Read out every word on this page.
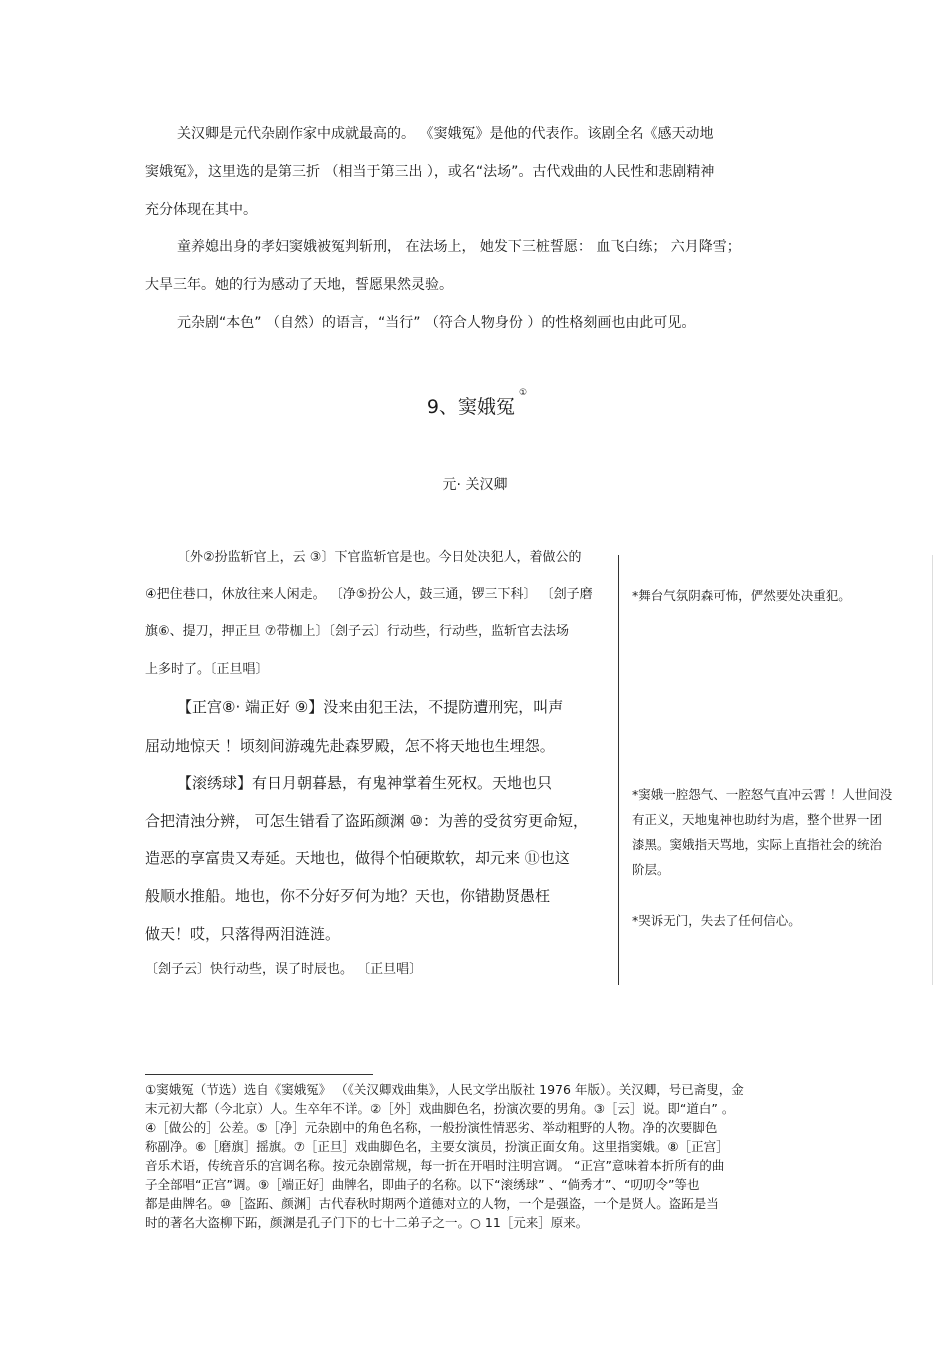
关汉卿是元代杂剧作家中成就最高的。 《窦娥冤》是他的代表作。该剧全名《感天动地
窦娥冤》，这里选的是第三折 （相当于第三出 ），或名“法场”。古代戏曲的人民性和悲剧精神
充分体现在其中。
童养媳出身的孝妇窦娥被冤判斩刑， 在法场上， 她发下三桩誓愿： 血飞白练； 六月降雪；
大旱三年。她的行为感动了天地，誓愿果然灵验。
元杂剧“本色” （自然）的语言，“当行” （符合人物身份 ）的性格刻画也由此可见。
9、窦娥冤①
元· 关汉卿
〔外②扮监斩官上，云 ③〕下官监斩官是也。今日处决犯人，着做公的
④把住巷口，休放往来人闲走。 〔净⑤扮公人，鼓三通，锣三下科〕 〔刽子磨
旗⑥、提刀，押正旦 ⑦带枷上〕〔刽子云〕行动些，行动些，监斩官去法场
上多时了。〔正旦唱〕
【正宫⑧· 端正好 ⑨】没来由犯王法，不提防遭刑宪，叫声
屈动地惊天 ！顷刻间游魂先赴森罗殿，怎不将天地也生埋怨。
【滚绣球】有日月朝暮悬，有鬼神掌着生死权。天地也只
合把清浊分辨， 可怎生错看了盗跖颜渊 ⑩：为善的受贫穷更命短，
造恶的享富贵又寿延。天地也，做得个怕硬欺软，却元来 ⑪也这
般顺水推船。地也，你不分好歹何为地？天也，你错勘贤愚枉
做天！哎，只落得两泪涟涟。
〔刽子云〕快行动些，误了时辰也。 〔正旦唱〕
*舞台气氛阴森可怖，俨然要处决重犯。
*窦娥一腔怨气、一腔怒气直冲云霄 ！人世间没
有正义，天地鬼神也助纣为虐，整个世界一团
漆黑。窦娥指天骂地，实际上直指社会的统治
阶层。
*哭诉无门，失去了任何信心。
①窦娥冤（节选）选自《窦娥冤》 （《关汉卿戏曲集》，人民文学出版社 1976 年版）。关汉卿，号已斋叟，金
末元初大都（今北京）人。生卒年不详。②［外］戏曲脚色名，扮演次要的男角。③［云］说。即“道白” 。
④［做公的］公差。⑤［净］元杂剧中的角色名称，一般扮演性情恶劣、举动粗野的人物。净的次要脚色
称副净。⑥［磨旗］摇旗。⑦［正旦］戏曲脚色名，主要女演员，扮演正面女角。这里指窦娥。⑧［正宫］
音乐术语，传统音乐的宫调名称。按元杂剧常规，每一折在开唱时注明宫调。 “正宫”意味着本折所有的曲
子全部唱“正宫”调。⑨［端正好］曲牌名，即曲子的名称。以下“滚绣球” 、“倘秀才”、“叨叨令”等也
都是曲牌名。⑩［盗跖、颜渊］古代春秋时期两个道德对立的人物，一个是强盗，一个是贤人。盗跖是当
时的著名大盗柳下跖，颜渊是孔子门下的七十二弟子之一。○ 11［元来］原来。
